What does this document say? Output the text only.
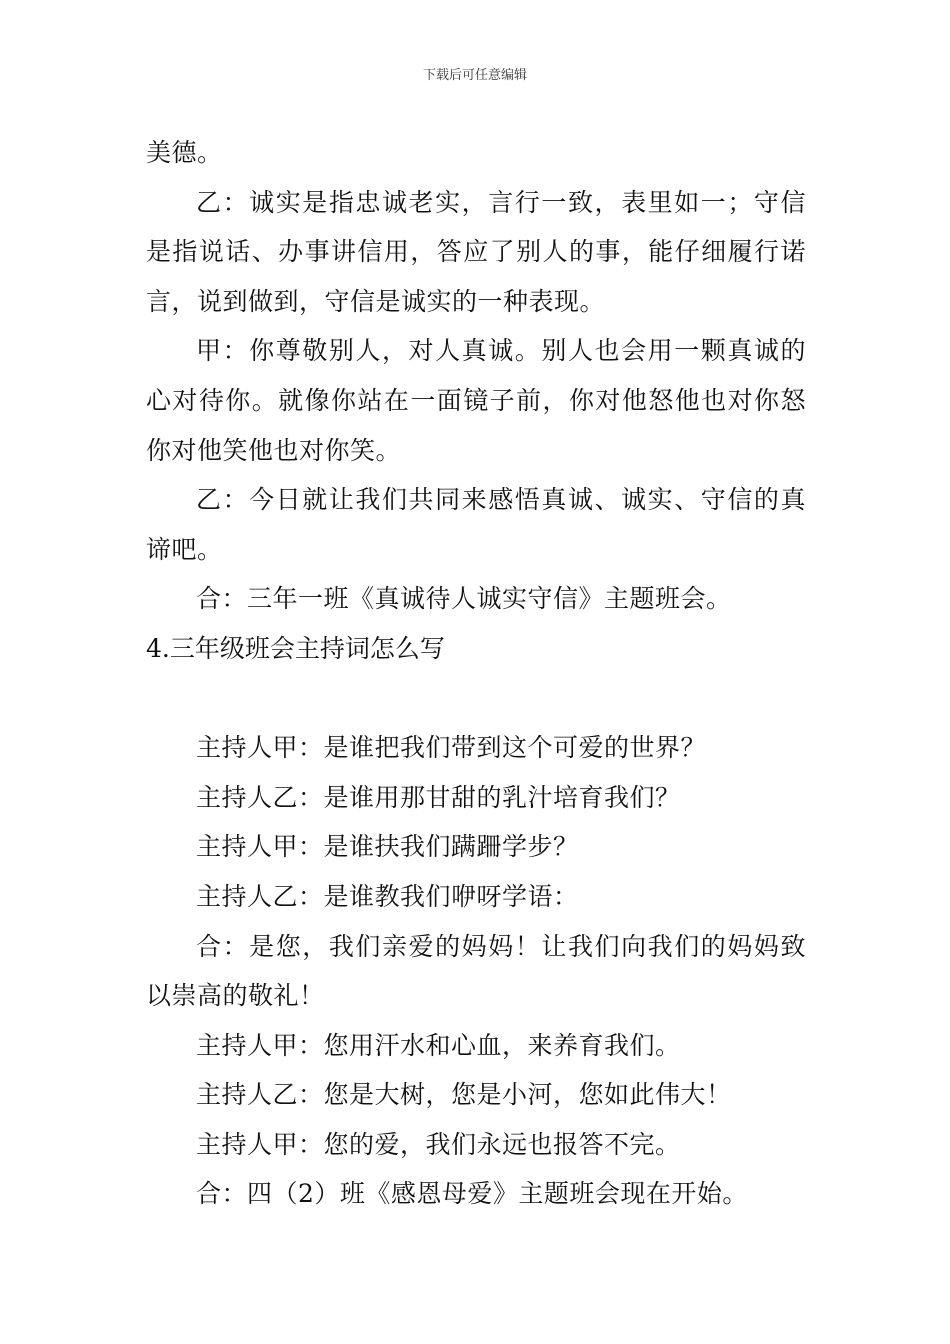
下载后可任意编辑

美德。

乙：诚实是指忠诚老实，言行一致，表里如一；守信是指说话、办事讲信用，答应了别人的事，能仔细履行诺言，说到做到，守信是诚实的一种表现。

甲：你尊敬别人，对人真诚。别人也会用一颗真诚的心对待你。就像你站在一面镜子前，你对他怒他也对你怒你对他笑他也对你笑。

乙：今日就让我们共同来感悟真诚、诚实、守信的真谛吧。

合：三年一班《真诚待人诚实守信》主题班会。

4.三年级班会主持词怎么写

主持人甲：是谁把我们带到这个可爱的世界？

主持人乙：是谁用那甘甜的乳汁培育我们？

主持人甲：是谁扶我们蹒跚学步？

主持人乙：是谁教我们咿呀学语：

合：是您，我们亲爱的妈妈！让我们向我们的妈妈致以崇高的敬礼！

主持人甲：您用汗水和心血，来养育我们。

主持人乙：您是大树，您是小河，您如此伟大！

主持人甲：您的爱，我们永远也报答不完。

合：四（2）班《感恩母爱》主题班会现在开始。
